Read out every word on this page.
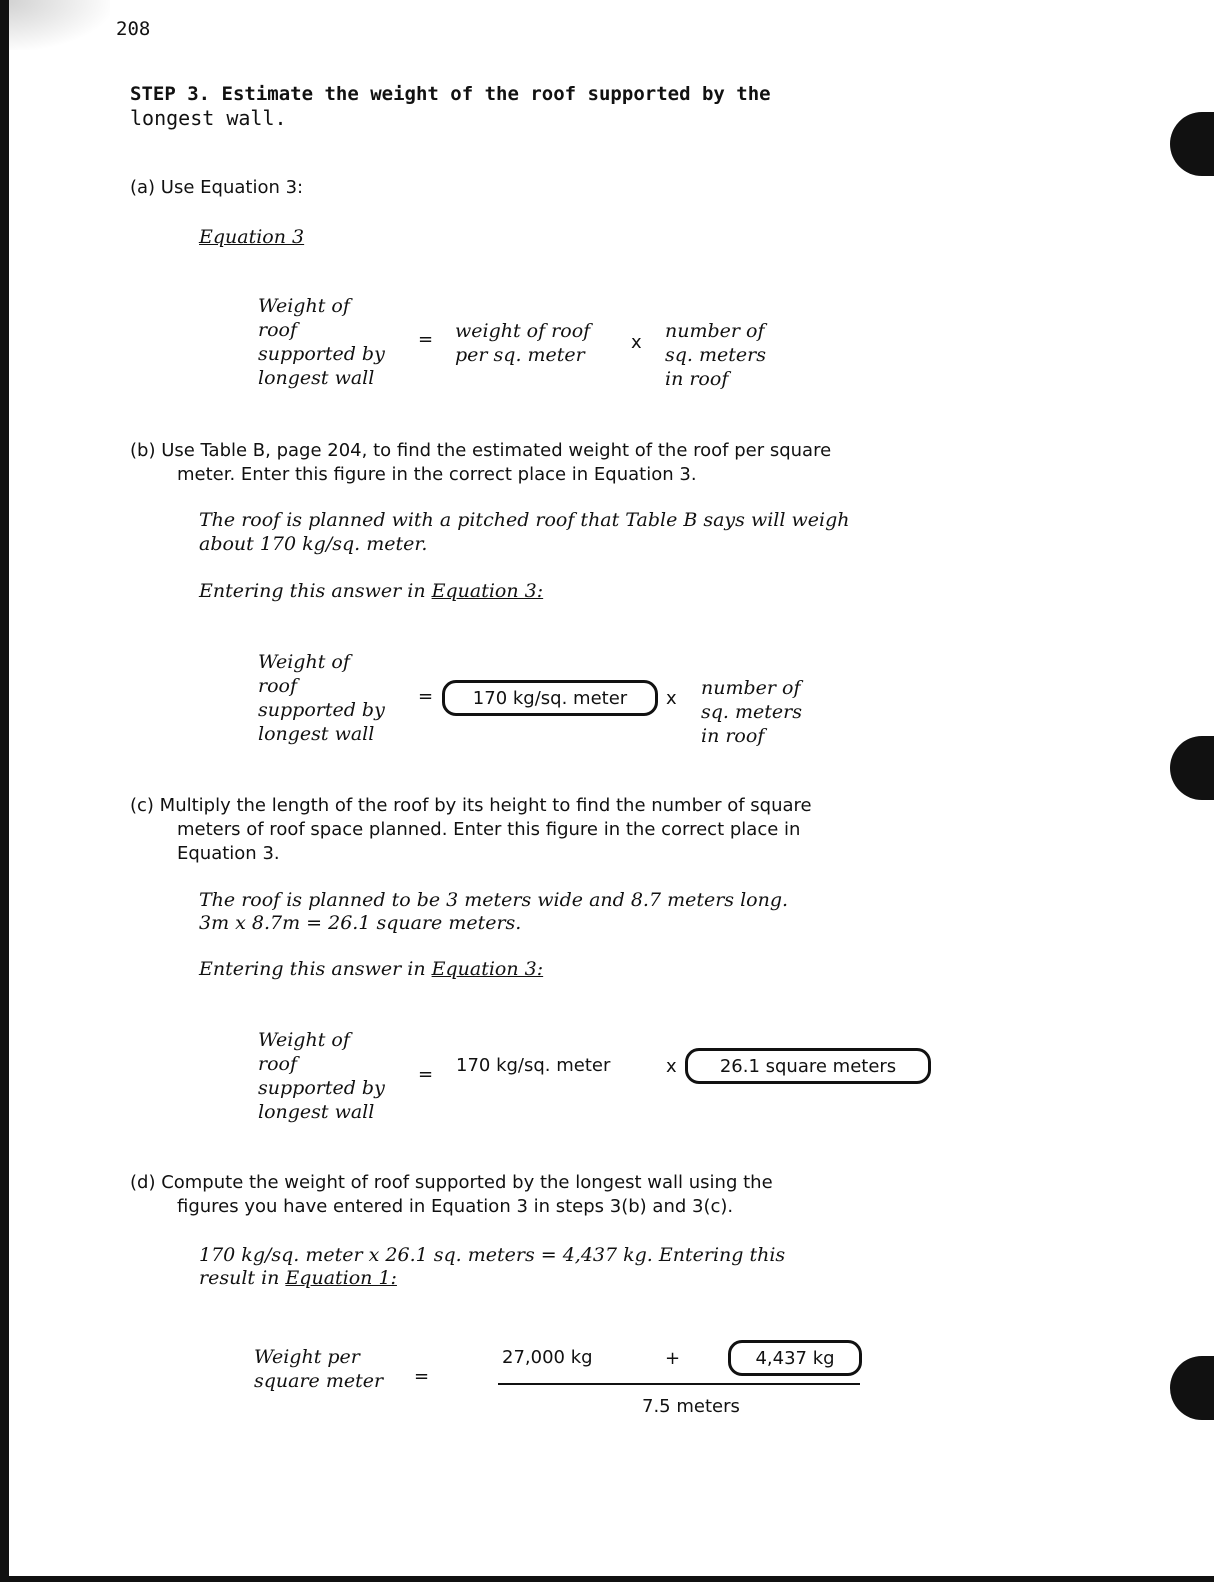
208
STEP 3. Estimate the weight of the roof supported by the
longest wall.
(a) Use Equation 3:
Equation 3
Weight of
roof
supported by
longest wall
= weight of roof
per sq. meter
x
number of
sq. meters
in roof
(b) Use Table B, page 204, to find the estimated weight of the roof per square
meter. Enter this figure in the correct place in Equation 3.
The roof is planned with a pitched roof that Table B says will weigh
about 170 kg/sq. meter.
Entering this answer in Equation 3:
Weight of
roof
supported by
longest wall
=	170 kg/sq. meter	x number of
sq. meters
in roof
(c) Multiply the length of the roof by its height to find the number of square
meters of roof space planned. Enter this figure in the correct place in
Equation 3.
The roof is planned to be 3 meters wide and 8.7 meters long.
3m x 8.7m = 26.1 square meters.
Entering this answer in Equation 3:
Weight of
roof
supported by
longest wall
= 170 kg/sq. meter	x	26.1 square meters
(d) Compute the weight of roof supported by the longest wall using the
figures you have entered in Equation 3 in steps 3(b) and 3(c).
170 kg/sq. meter x 26.1 sq. meters = 4,437 kg. Entering this
result in Equation 1:
Weight per
square meter =
27,000 kg	+	4,437 kg
7.5 meters
